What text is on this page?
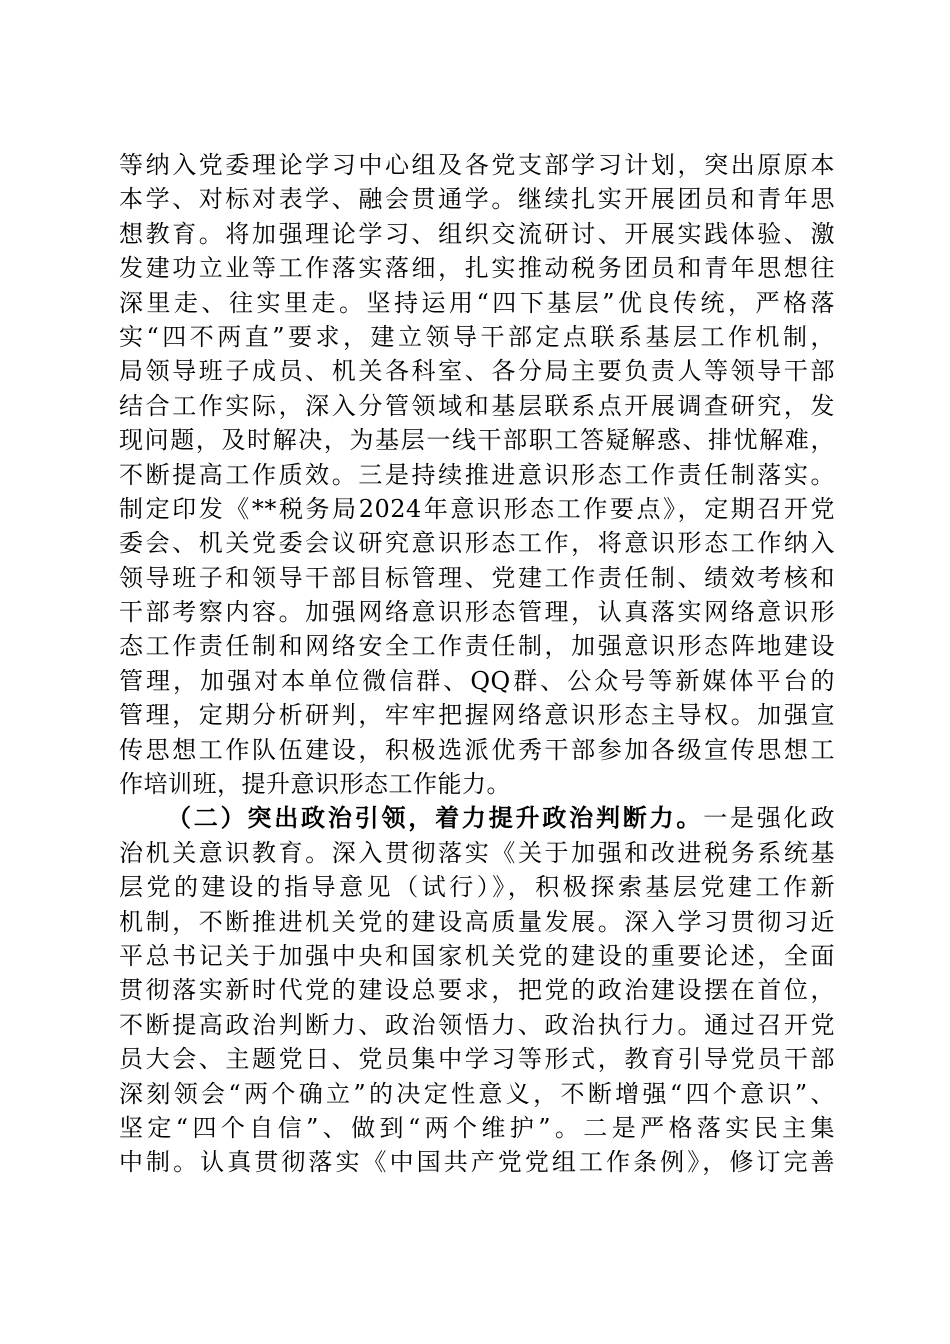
等纳入党委理论学习中心组及各党支部学习计划，突出原原本
本学、对标对表学、融会贯通学。继续扎实开展团员和青年思
想教育。将加强理论学习、组织交流研讨、开展实践体验、激
发建功立业等工作落实落细，扎实推动税务团员和青年思想往
深里走、往实里走。坚持运用“四下基层”优良传统，严格落
实“四不两直”要求，建立领导干部定点联系基层工作机制，
局领导班子成员、机关各科室、各分局主要负责人等领导干部
结合工作实际，深入分管领域和基层联系点开展调查研究，发
现问题，及时解决，为基层一线干部职工答疑解惑、排忧解难，
不断提高工作质效。三是持续推进意识形态工作责任制落实。
制定印发《**税务局2024年意识形态工作要点》，定期召开党
委会、机关党委会议研究意识形态工作，将意识形态工作纳入
领导班子和领导干部目标管理、党建工作责任制、绩效考核和
干部考察内容。加强网络意识形态管理，认真落实网络意识形
态工作责任制和网络安全工作责任制，加强意识形态阵地建设
管理，加强对本单位微信群、QQ群、公众号等新媒体平台的
管理，定期分析研判，牢牢把握网络意识形态主导权。加强宣
传思想工作队伍建设，积极选派优秀干部参加各级宣传思想工
作培训班，提升意识形态工作能力。
（二）突出政治引领，着力提升政治判断力。一是强化政
治机关意识教育。深入贯彻落实《关于加强和改进税务系统基
层党的建设的指导意见（试行）》，积极探索基层党建工作新
机制，不断推进机关党的建设高质量发展。深入学习贯彻习近
平总书记关于加强中央和国家机关党的建设的重要论述，全面
贯彻落实新时代党的建设总要求，把党的政治建设摆在首位，
不断提高政治判断力、政治领悟力、政治执行力。通过召开党
员大会、主题党日、党员集中学习等形式，教育引导党员干部
深刻领会“两个确立”的决定性意义，不断增强“四个意识”、
坚定“四个自信”、做到“两个维护”。二是严格落实民主集
中制。认真贯彻落实《中国共产党党组工作条例》，修订完善
